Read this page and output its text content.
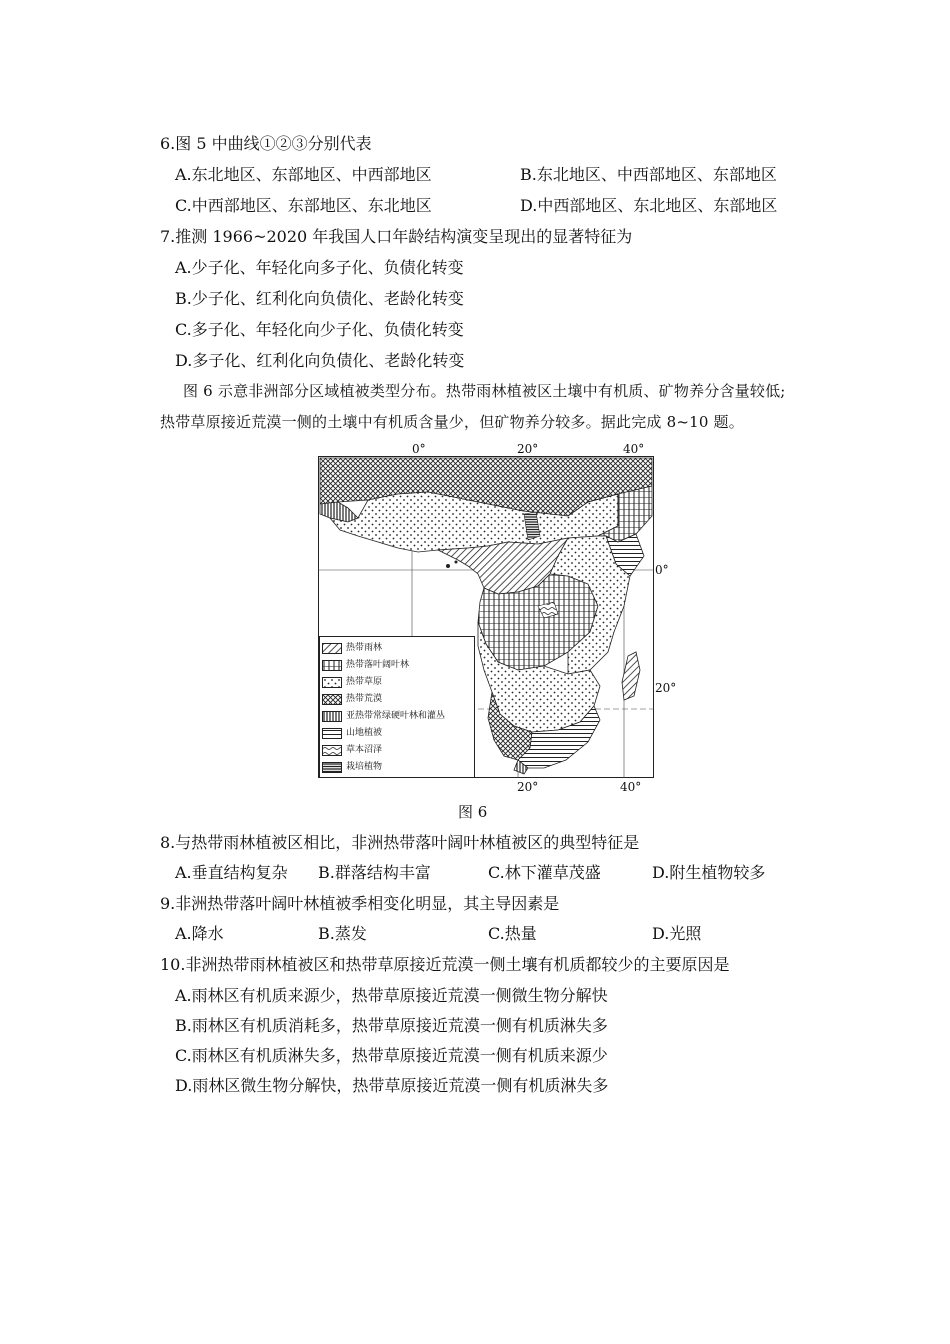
6.图 5 中曲线①②③分别代表
A.东北地区、东部地区、中西部地区	B.东北地区、中西部地区、东部地区
C.中西部地区、东部地区、东北地区	D.中西部地区、东北地区、东部地区
7.推测 1966~2020 年我国人口年龄结构演变呈现出的显著特征为
A.少子化、年轻化向多子化、负债化转变
B.少子化、红利化向负债化、老龄化转变
C.多子化、年轻化向少子化、负债化转变
D.多子化、红利化向负债化、老龄化转变
图 6 示意非洲部分区域植被类型分布。热带雨林植被区土壤中有机质、矿物养分含量较低;
热带草原接近荒漠一侧的土壤中有机质含量少，但矿物养分较多。据此完成 8~10 题。
0°	20°	40°
0°
20°
20°	40°
热带雨林
热带落叶阔叶林
热带草原
热带荒漠
亚热带常绿硬叶林和灌丛
山地植被
草本沼泽
栽培植物
图 6
8.与热带雨林植被区相比，非洲热带落叶阔叶林植被区的典型特征是
A.垂直结构复杂 B.群落结构丰富	C.林下灌草茂盛	D.附生植物较多
9.非洲热带落叶阔叶林植被季相变化明显，其主导因素是
A.降水	B.蒸发	C.热量	D.光照
10.非洲热带雨林植被区和热带草原接近荒漠一侧土壤有机质都较少的主要原因是
A.雨林区有机质来源少，热带草原接近荒漠一侧微生物分解快
B.雨林区有机质消耗多，热带草原接近荒漠一侧有机质淋失多
C.雨林区有机质淋失多，热带草原接近荒漠一侧有机质来源少
D.雨林区微生物分解快，热带草原接近荒漠一侧有机质淋失多
